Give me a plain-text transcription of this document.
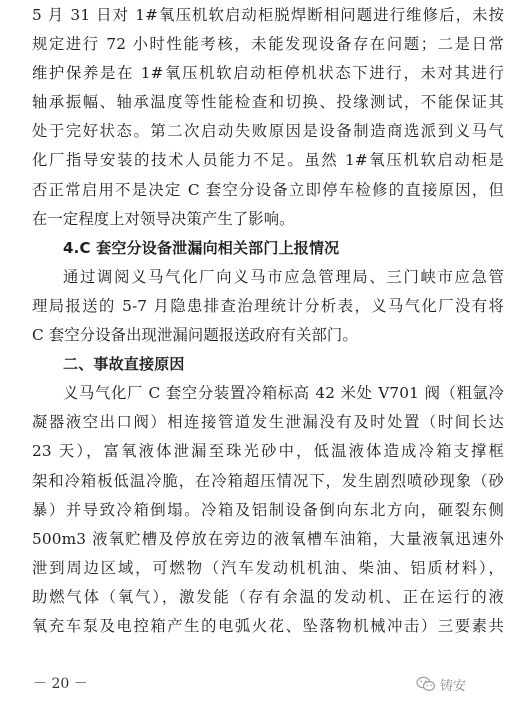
5 月 31 日对 1#氧压机软启动柜脱焊断相问题进行维修后，未按
规定进行 72 小时性能考核，未能发现设备存在问题；二是日常
维护保养是在 1#氧压机软启动柜停机状态下进行，未对其进行
轴承振幅、轴承温度等性能检查和切换、投缘测试，不能保证其
处于完好状态。第二次启动失败原因是设备制造商选派到义马气
化厂指导安装的技术人员能力不足。虽然 1#氧压机软启动柜是
否正常启用不是决定 C 套空分设备立即停车检修的直接原因，但
在一定程度上对领导决策产生了影响。
4.C 套空分设备泄漏向相关部门上报情况
通过调阅义马气化厂向义马市应急管理局、三门峡市应急管
理局报送的 5-7 月隐患排查治理统计分析表，义马气化厂没有将
C 套空分设备出现泄漏问题报送政府有关部门。
二、事故直接原因
义马气化厂 C 套空分装置冷箱标高 42 米处 V701 阀（粗氩冷
凝器液空出口阀）相连接管道发生泄漏没有及时处置（时间长达
23 天），富氧液体泄漏至珠光砂中，低温液体造成冷箱支撑框
架和冷箱板低温冷脆，在冷箱超压情况下，发生剧烈喷砂现象（砂
暴）并导致冷箱倒塌。冷箱及铝制设备倒向东北方向，砸裂东侧
500m3 液氧贮槽及停放在旁边的液氧槽车油箱，大量液氧迅速外
泄到周边区域，可燃物（汽车发动机机油、柴油、铝质材料），
助燃气体（氧气），激发能（存有余温的发动机、正在运行的液
氧充车泵及电控箱产生的电弧火花、坠落物机械冲击）三要素共
－ 20 －	铸安
